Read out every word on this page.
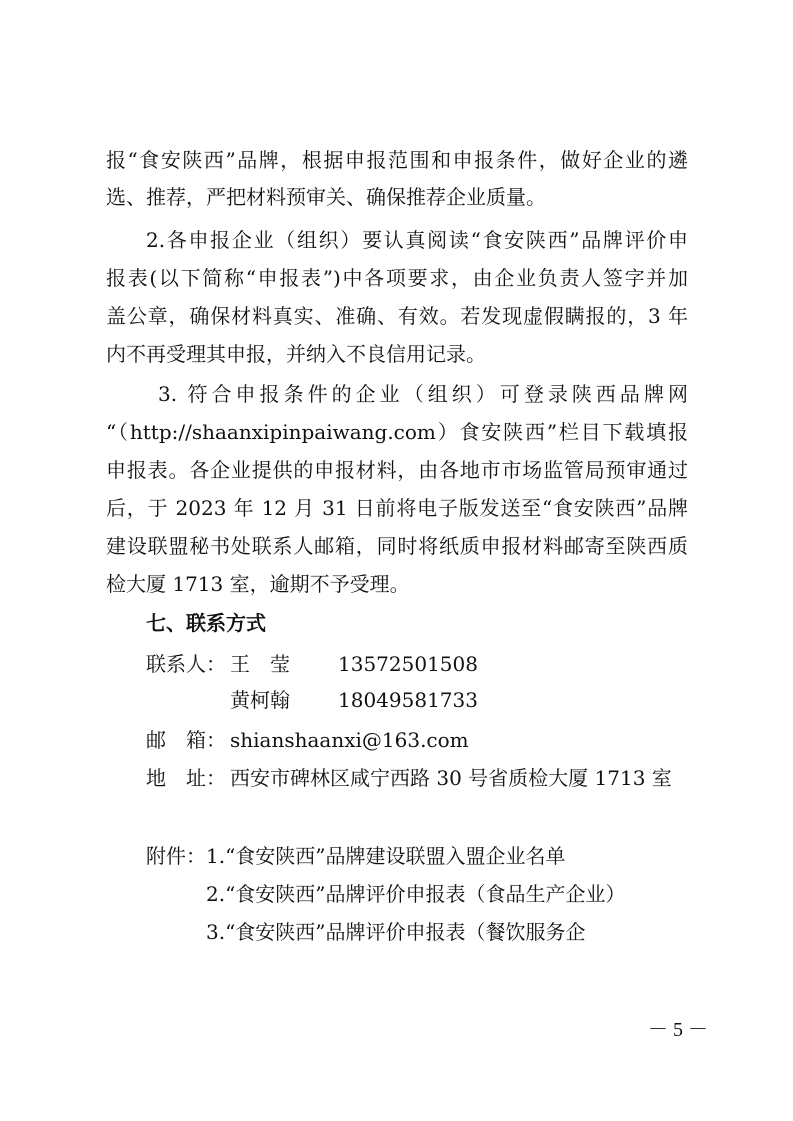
报“食安陕西”品牌，根据申报范围和申报条件，做好企业的遴
选、推荐，严把材料预审关、确保推荐企业质量。
2.各申报企业（组织）要认真阅读“食安陕西”品牌评价申
报表(以下简称“申报表”)中各项要求，由企业负责人签字并加
盖公章，确保材料真实、准确、有效。若发现虚假瞒报的，3 年
内不再受理其申报，并纳入不良信用记录。
3. 符合申报条件的企业（组织）可登录陕西品牌网
“（http://shaanxipinpaiwang.com）食安陕西”栏目下载填报
申报表。各企业提供的申报材料，由各地市市场监管局预审通过
后，于 2023 年 12 月 31 日前将电子版发送至“食安陕西”品牌
建设联盟秘书处联系人邮箱，同时将纸质申报材料邮寄至陕西质
检大厦 1713 室，逾期不予受理。
七、联系方式
联系人： 王　莹 13572501508
黄柯翰 18049581733
邮　箱： shianshaanxi@163.com
地　址： 西安市碑林区咸宁西路 30 号省质检大厦 1713 室
附件： 1.“食安陕西”品牌建设联盟入盟企业名单
2.“食安陕西”品牌评价申报表（食品生产企业）
3.“食安陕西”品牌评价申报表（餐饮服务企
－ 5 －
